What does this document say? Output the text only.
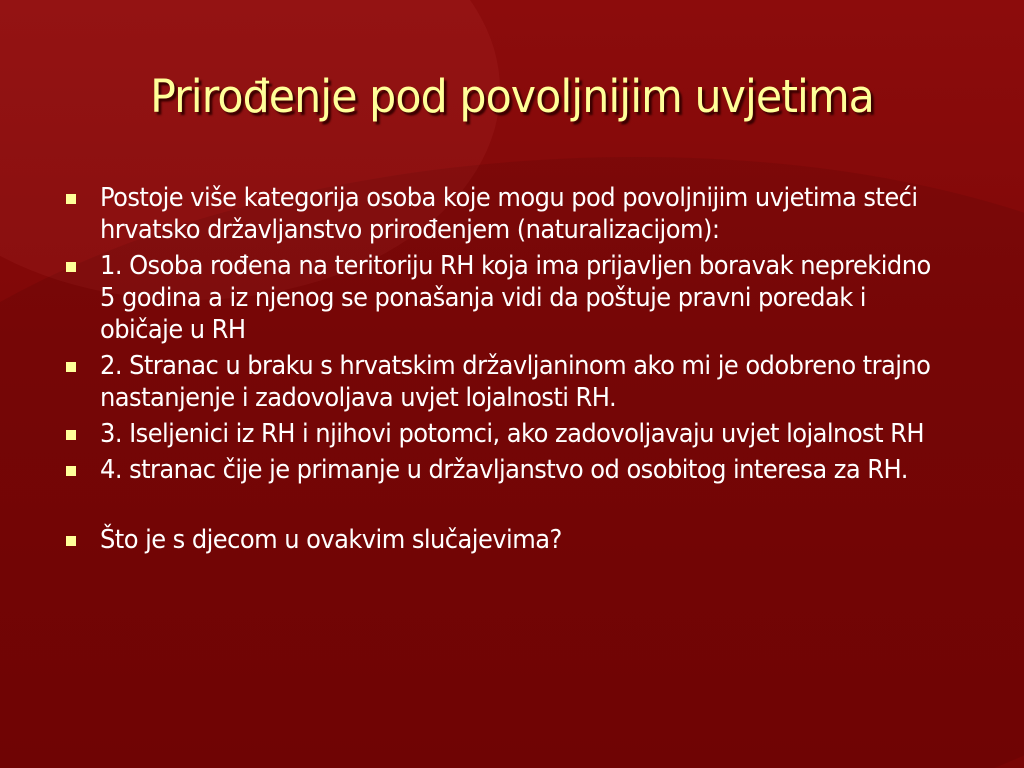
Prirođenje pod povoljnijim uvjetima
Postoje više kategorija osoba koje mogu pod povoljnijim uvjetima steći hrvatsko državljanstvo prirođenjem (naturalizacijom):
1. Osoba rođena na teritoriju RH koja ima prijavljen boravak neprekidno 5 godina a iz njenog se ponašanja vidi da poštuje pravni poredak i običaje u RH
2. Stranac u braku s hrvatskim državljaninom ako mi je odobreno trajno nastanjenje i zadovoljava uvjet lojalnosti RH.
3. Iseljenici iz RH i njihovi potomci, ako zadovoljavaju uvjet lojalnost RH
4. stranac čije je primanje u državljanstvo od osobitog interesa za RH.
Što je s djecom u ovakvim slučajevima?
